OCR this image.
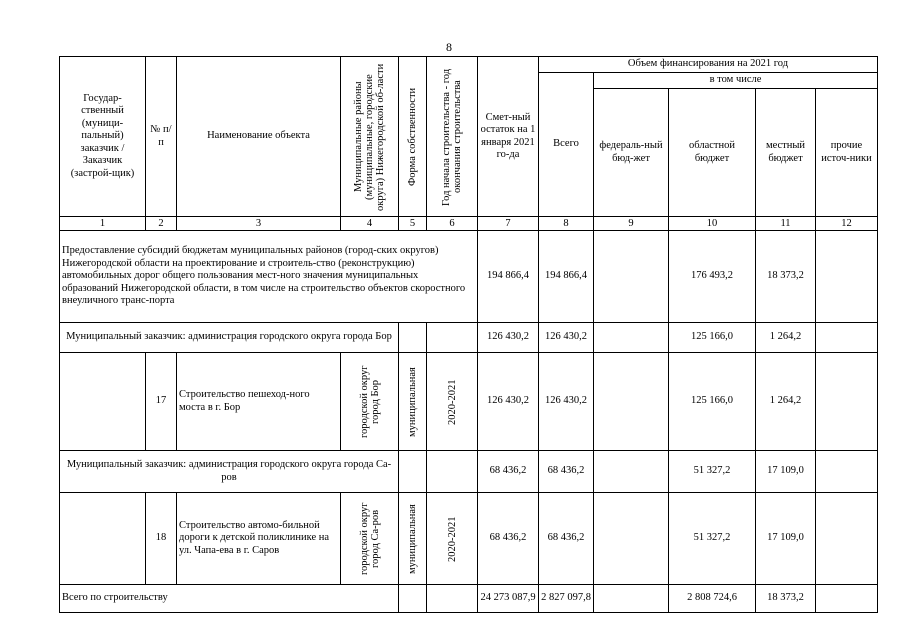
8
Государ-ственный (муници-пальный) заказчик / Заказчик (застрой-щик)	№ п/п	Наименование объекта	Муниципальные районы (муниципальные, городские округа) Нижегородской об-ласти	Форма собственности	Год начала строительства - год окончания строительства	Смет-ный остаток на 1 января 2021 го-да	Объем финансирования на 2021 год				
							Всего	в том числе			
								федераль-ный бюд-жет	областной бюджет	местный бюджет	прочие источ-ники
1	2	3	4	5	6	7	8	9	10	11	12
Предоставление субсидий бюджетам муниципальных районов (город-ских округов) Нижегородской области на проектирование и строитель-ство (реконструкцию) автомобильных дорог общего пользования мест-ного значения муниципальных образований Нижегородской области, в том числе на строительство объектов скоростного внеуличного транс-порта						194 866,4	194 866,4		176 493,2	18 373,2	
Муниципальный заказчик: администрация городского округа города Бор						126 430,2	126 430,2		125 166,0	1 264,2	
	17	Строительство пешеход-ного моста в г. Бор	городской округ город Бор	муниципальная	2020-2021	126 430,2	126 430,2		125 166,0	1 264,2	
Муниципальный заказчик: администрация городского округа города Са-ров						68 436,2	68 436,2		51 327,2	17 109,0	
	18	Строительство автомо-бильной дороги к детской поликлинике на ул. Чапа-ева в г. Саров	городской округ город Са-ров	муниципальная	2020-2021	68 436,2	68 436,2		51 327,2	17 109,0	
Всего по строительству						24 273 087,9	2 827 097,8		2 808 724,6	18 373,2	
